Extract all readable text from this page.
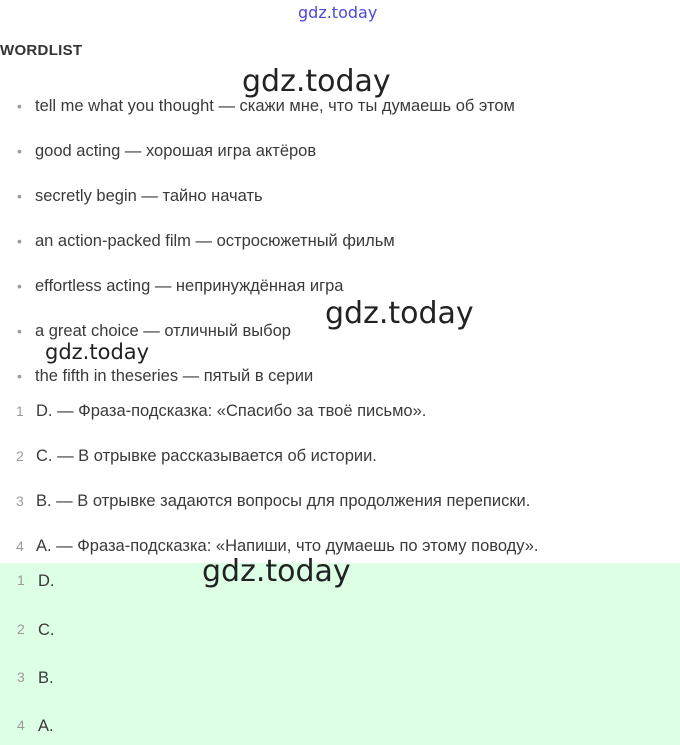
gdz.today
gdz.today
gdz.today
gdz.today
WORDLIST
• tell me what you thought — скажи мне, что ты думаешь об этом
• good acting — хорошая игра актёров
• secretly begin — тайно начать
• an action-packed film — остросюжетный фильм
• effortless acting — непринуждённая игра
• a great choice — отличный выбор
• the fifth in theseries — пятый в серии
1 D. — Фраза-подсказка: «Спасибо за твоё письмо».
2 C. — В отрывке рассказывается об истории.
3 B. — В отрывке задаются вопросы для продолжения переписки.
4 A. — Фраза-подсказка: «Напиши, что думаешь по этому поводу».
1 D.
2 C.
3 B.
4 A.
gdz.today
